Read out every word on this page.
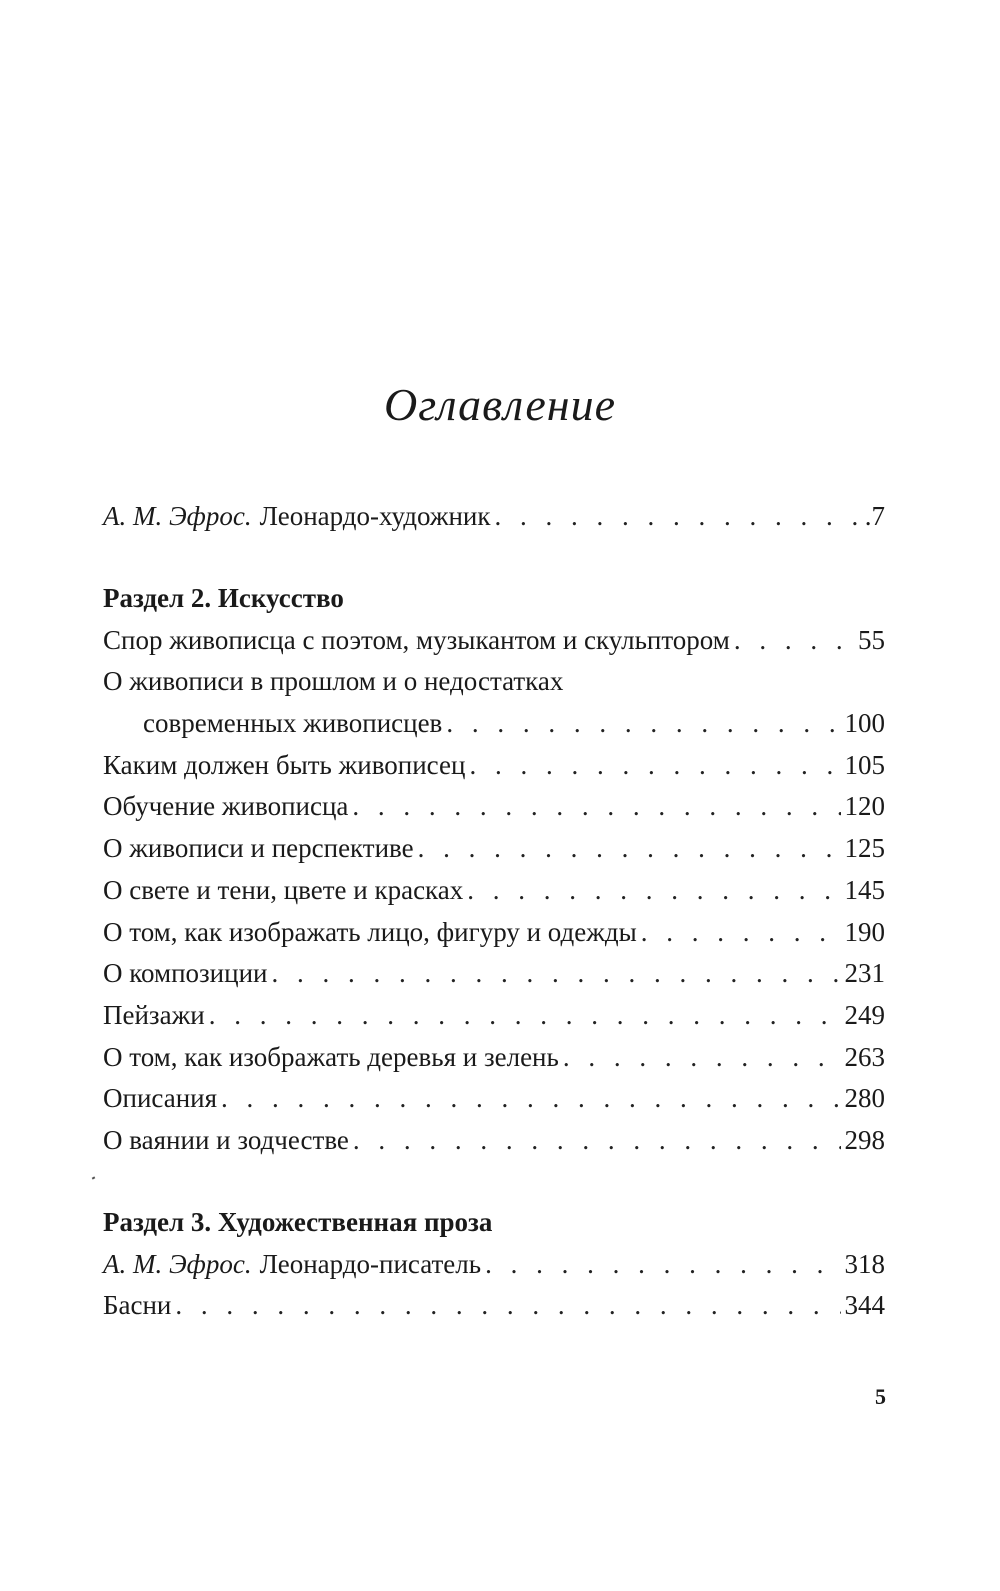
Оглавление
А. М. Эфрос. Леонардо-художник . . .	.7
Раздел 2. Искусство
Спор живописца с поэтом, музыкантом и скульптором . . .	55
О живописи в прошлом и о недостатках
современных живописцев . . .	100
Каким должен быть живописец . . .	105
Обучение живописца . . .	120
О живописи и перспективе . . .	125
О свете и тени, цвете и красках . . .	145
О том, как изображать лицо, фигуру и одежды . . .	190
О композиции . . .	231
Пейзажи . . .	249
О том, как изображать деревья и зелень . . .	263
Описания . . .	280
О ваянии и зодчестве . . .	298
Раздел 3. Художественная проза
А. М. Эфрос. Леонардо-писатель . . .	318
Басни . . .	344
5
